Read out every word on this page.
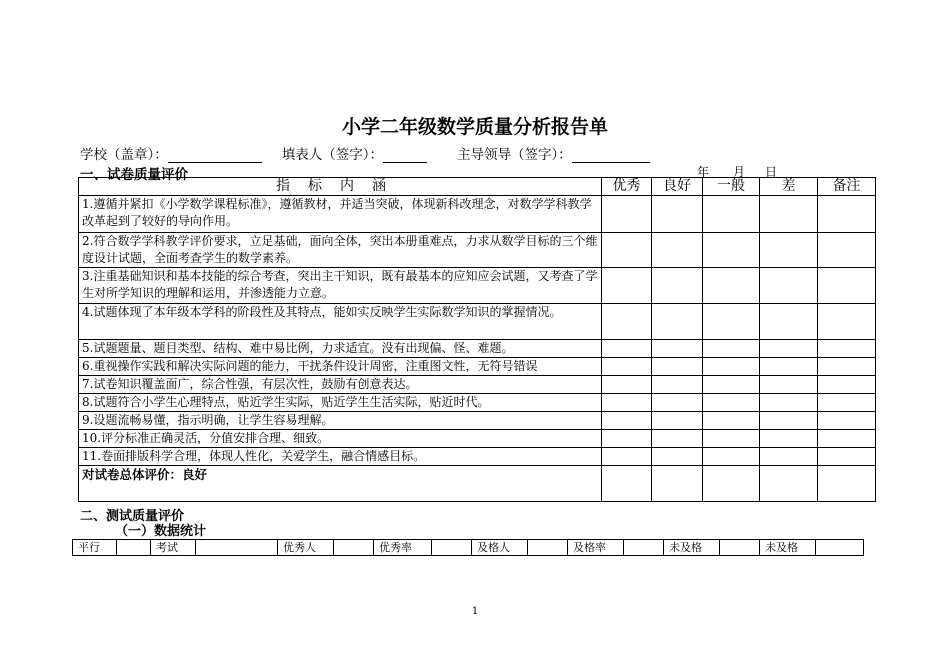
小学二年级数学质量分析报告单
学校（盖章）：	填表人（签字）：	主导领导（签字）：
一、试卷质量评价	年 月 日
指标内涵	优秀	良好	一般	差	备注
1.遵循并紧扣《小学数学课程标准》，遵循教材，并适当突破，体现新科改理念，对数学学科教学改革起到了较好的导向作用。					
2.符合数学学科教学评价要求，立足基础，面向全体，突出本册重难点，力求从数学目标的三个维度设计试题，全面考查学生的数学素养。					
3.注重基础知识和基本技能的综合考查，突出主干知识，既有最基本的应知应会试题，又考查了学生对所学知识的理解和运用，并渗透能力立意。					
4.试题体现了本年级本学科的阶段性及其特点，能如实反映学生实际数学知识的掌握情况。					
5.试题题量、题目类型、结构、难中易比例，力求适宜。没有出现偏、怪、难题。					
6.重视操作实践和解决实际问题的能力，干扰条件设计周密，注重图文性，无符号错误					
7.试卷知识覆盖面广，综合性强，有层次性，鼓励有创意表达。					
8.试题符合小学生心理特点，贴近学生实际，贴近学生生活实际，贴近时代。					
9.设题流畅易懂，指示明确，让学生容易理解。					
10.评分标准正确灵活，分值安排合理、细致。					
11.卷面排版科学合理，体现人性化，关爱学生，融合情感目标。					
对试卷总体评价：良好					
二、测试质量评价
（一）数据统计
平行		考试		优秀人		优秀率		及格人		及格率		未及格		未及格	
1
